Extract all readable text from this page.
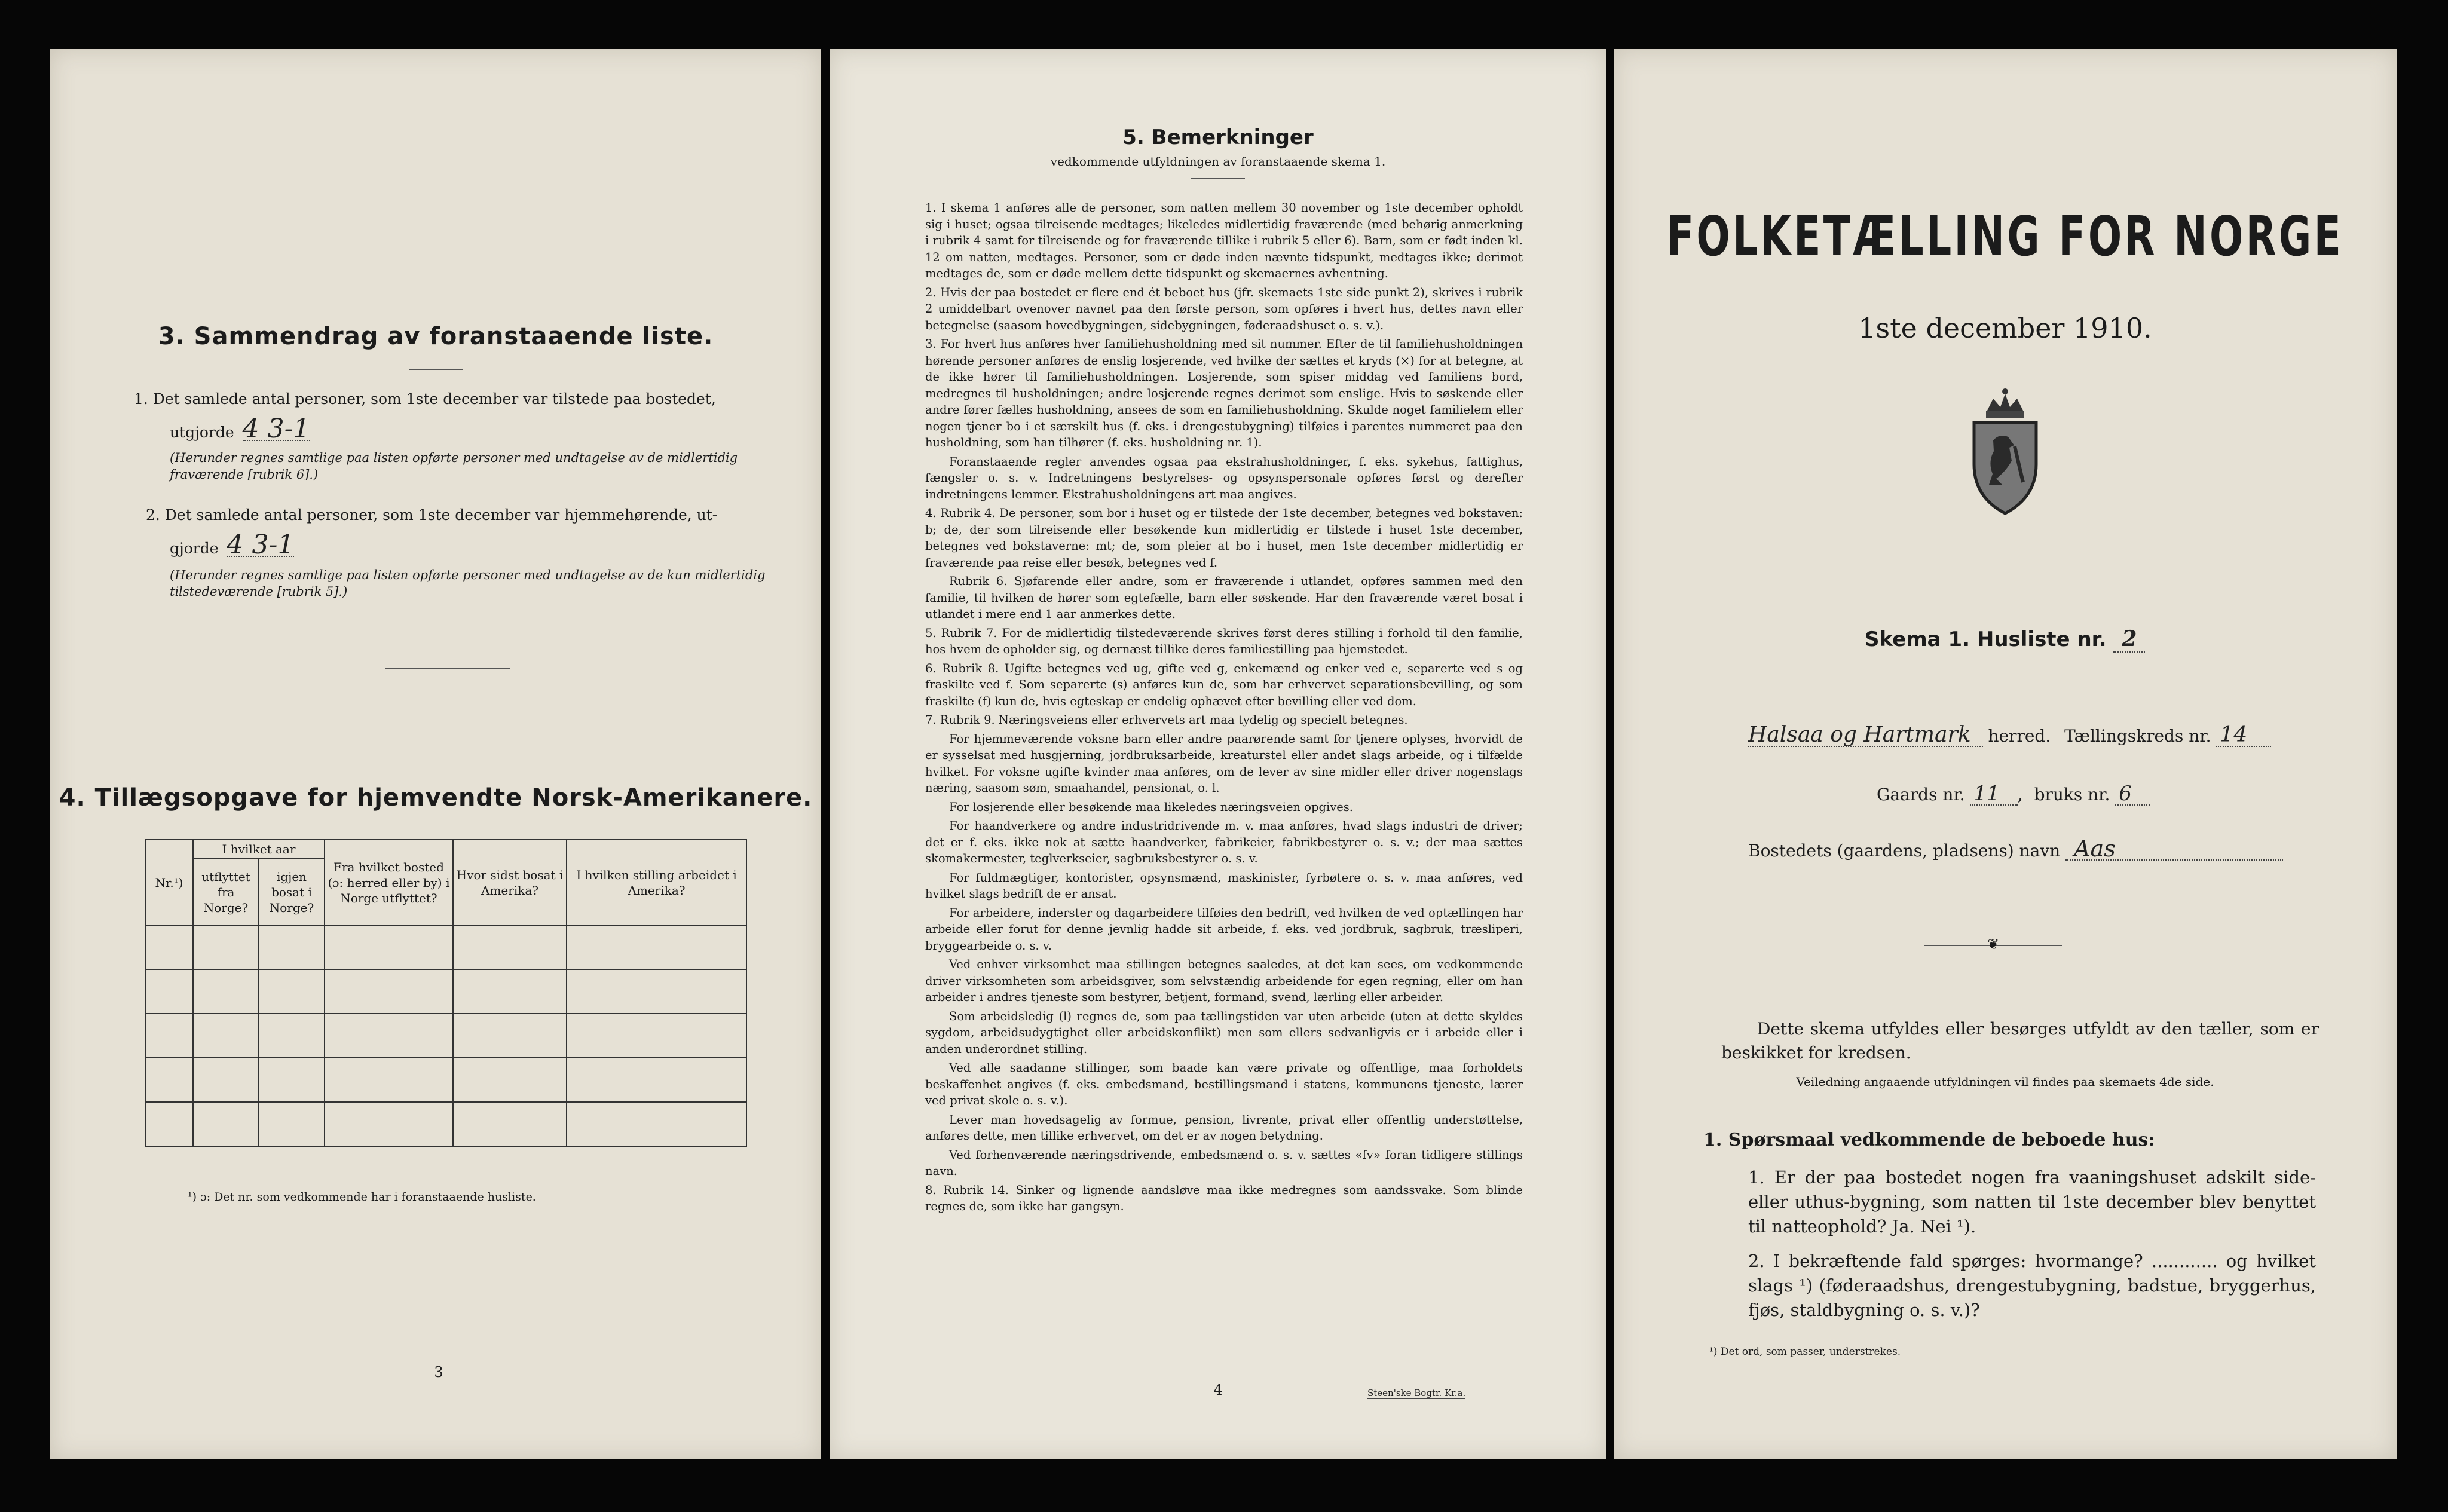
3. Sammendrag av foranstaaende liste.
1. Det samlede antal personer, som 1ste december var tilstede paa bostedet,
utgjorde 4 3-1
(Herunder regnes samtlige paa listen opførte personer med undtagelse av de midlertidig fraværende [rubrik 6].)
2. Det samlede antal personer, som 1ste december var hjemmehørende, ut-
gjorde 4 3-1
(Herunder regnes samtlige paa listen opførte personer med undtagelse av de kun midlertidig tilstedeværende [rubrik 5].)
4. Tillægsopgave for hjemvendte Norsk-Amerikanere.
Nr.¹)	I hvilket aar		Fra hvilket bosted (ɔ: herred eller by) i Norge utflyttet?	Hvor sidst bosat i Amerika?	I hvilken stilling arbeidet i Amerika?
	utflyttet fra Norge?	igjen bosat i Norge?			

¹) ɔ: Det nr. som vedkommende har i foranstaaende husliste.
3
5. Bemerkninger
vedkommende utfyldningen av foranstaaende skema 1.

1. I skema 1 anføres alle de personer, som natten mellem 30 november og 1ste december opholdt sig i huset; ogsaa tilreisende medtages; likeledes midlertidig fraværende (med behørig anmerkning i rubrik 4 samt for tilreisende og for fraværende tillike i rubrik 5 eller 6). Barn, som er født inden kl. 12 om natten, medtages. Personer, som er døde inden nævnte tidspunkt, medtages ikke; derimot medtages de, som er døde mellem dette tidspunkt og skemaernes avhentning.

2. Hvis der paa bostedet er flere end ét beboet hus (jfr. skemaets 1ste side punkt 2), skrives i rubrik 2 umiddelbart ovenover navnet paa den første person, som opføres i hvert hus, dettes navn eller betegnelse (saasom hovedbygningen, sidebygningen, føderaadshuset o. s. v.).

3. For hvert hus anføres hver familiehusholdning med sit nummer. Efter de til familiehusholdningen hørende personer anføres de enslig losjerende, ved hvilke der sættes et kryds (×) for at betegne, at de ikke hører til familiehusholdningen. Losjerende, som spiser middag ved familiens bord, medregnes til husholdningen; andre losjerende regnes derimot som enslige. Hvis to søskende eller andre fører fælles husholdning, ansees de som en familiehusholdning. Skulde noget familielem eller nogen tjener bo i et særskilt hus (f. eks. i drengestubygning) tilføies i parentes nummeret paa den husholdning, som han tilhører (f. eks. husholdning nr. 1).

Foranstaaende regler anvendes ogsaa paa ekstrahusholdninger, f. eks. sykehus, fattighus, fængsler o. s. v. Indretningens bestyrelses- og opsynspersonale opføres først og derefter indretningens lemmer. Ekstrahusholdningens art maa angives.

4. Rubrik 4. De personer, som bor i huset og er tilstede der 1ste december, betegnes ved bokstaven: b; de, der som tilreisende eller besøkende kun midlertidig er tilstede i huset 1ste december, betegnes ved bokstaverne: mt; de, som pleier at bo i huset, men 1ste december midlertidig er fraværende paa reise eller besøk, betegnes ved f.

Rubrik 6. Sjøfarende eller andre, som er fraværende i utlandet, opføres sammen med den familie, til hvilken de hører som egtefælle, barn eller søskende. Har den fraværende været bosat i utlandet i mere end 1 aar anmerkes dette.

5. Rubrik 7. For de midlertidig tilstedeværende skrives først deres stilling i forhold til den familie, hos hvem de opholder sig, og dernæst tillike deres familiestilling paa hjemstedet.

6. Rubrik 8. Ugifte betegnes ved ug, gifte ved g, enkemænd og enker ved e, separerte ved s og fraskilte ved f. Som separerte (s) anføres kun de, som har erhvervet separationsbevilling, og som fraskilte (f) kun de, hvis egteskap er endelig ophævet efter bevilling eller ved dom.

7. Rubrik 9. Næringsveiens eller erhvervets art maa tydelig og specielt betegnes.

For hjemmeværende voksne barn eller andre paarørende samt for tjenere oplyses, hvorvidt de er sysselsat med husgjerning, jordbruksarbeide, kreaturstel eller andet slags arbeide, og i tilfælde hvilket. For voksne ugifte kvinder maa anføres, om de lever av sine midler eller driver nogenslags næring, saasom søm, smaahandel, pensionat, o. l.

For losjerende eller besøkende maa likeledes næringsveien opgives.

For haandverkere og andre industridrivende m. v. maa anføres, hvad slags industri de driver; det er f. eks. ikke nok at sætte haandverker, fabrikeier, fabrikbestyrer o. s. v.; der maa sættes skomakermester, teglverkseier, sagbruksbestyrer o. s. v.

For fuldmægtiger, kontorister, opsynsmænd, maskinister, fyrbøtere o. s. v. maa anføres, ved hvilket slags bedrift de er ansat.

For arbeidere, inderster og dagarbeidere tilføies den bedrift, ved hvilken de ved optællingen har arbeide eller forut for denne jevnlig hadde sit arbeide, f. eks. ved jordbruk, sagbruk, træsliperi, bryggearbeide o. s. v.

Ved enhver virksomhet maa stillingen betegnes saaledes, at det kan sees, om vedkommende driver virksomheten som arbeidsgiver, som selvstændig arbeidende for egen regning, eller om han arbeider i andres tjeneste som bestyrer, betjent, formand, svend, lærling eller arbeider.

Som arbeidsledig (l) regnes de, som paa tællingstiden var uten arbeide (uten at dette skyldes sygdom, arbeidsudygtighet eller arbeidskonflikt) men som ellers sedvanligvis er i arbeide eller i anden underordnet stilling.

Ved alle saadanne stillinger, som baade kan være private og offentlige, maa forholdets beskaffenhet angives (f. eks. embedsmand, bestillingsmand i statens, kommunens tjeneste, lærer ved privat skole o. s. v.).

Lever man hovedsagelig av formue, pension, livrente, privat eller offentlig understøttelse, anføres dette, men tillike erhvervet, om det er av nogen betydning.

Ved forhenværende næringsdrivende, embedsmænd o. s. v. sættes «fv» foran tidligere stillings navn.

8. Rubrik 14. Sinker og lignende aandsløve maa ikke medregnes som aandssvake. Som blinde regnes de, som ikke har gangsyn.

4	Steen'ske Bogtr. Kr.a.
FOLKETÆLLING FOR NORGE
1ste december 1910.
Skema 1. Husliste nr. 2
Halsaa og Hartmark herred. Tællingskreds nr. 14
Gaards nr. 11 , bruks nr. 6
Bostedets (gaardens, pladsens) navn Aas
❦
Dette skema utfyldes eller besørges utfyldt av den tæller, som er beskikket for kredsen.
Veiledning angaaende utfyldningen vil findes paa skemaets 4de side.
1. Spørsmaal vedkommende de beboede hus:
1. Er der paa bostedet nogen fra vaaningshuset adskilt side- eller uthus-bygning, som natten til 1ste december blev benyttet til natteophold? Ja. Nei ¹).
2. I bekræftende fald spørges: hvormange? ............ og hvilket slags ¹) (føderaadshus, drengestubygning, badstue, bryggerhus, fjøs, staldbygning o. s. v.)?
¹) Det ord, som passer, understrekes.
